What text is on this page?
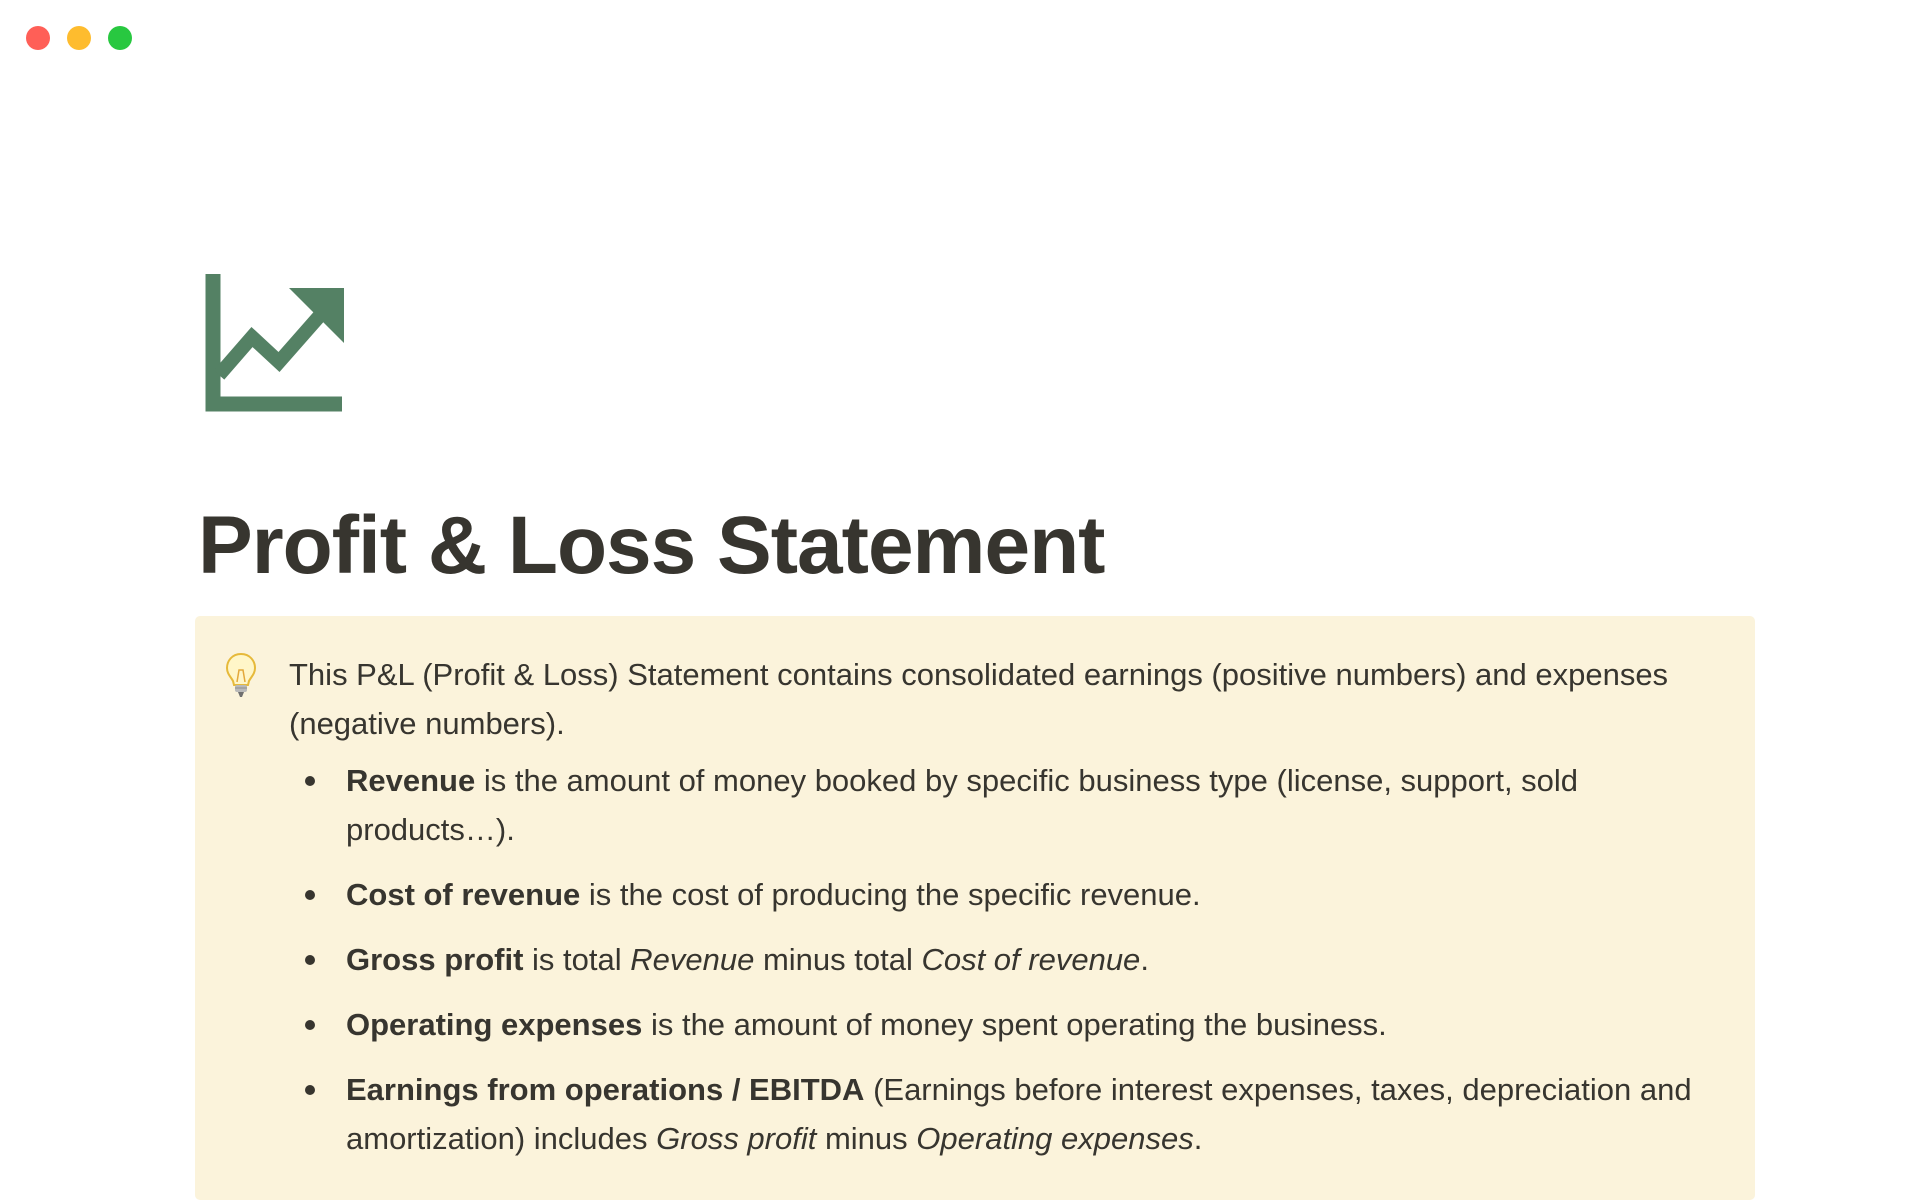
Profit & Loss Statement

This P&L (Profit & Loss) Statement contains consolidated earnings (positive numbers) and expenses (negative numbers).

Revenue is the amount of money booked by specific business type (license, support, sold products…).
Cost of revenue is the cost of producing the specific revenue.
Gross profit is total Revenue minus total Cost of revenue.
Operating expenses is the amount of money spent operating the business.
Earnings from operations / EBITDA (Earnings before interest expenses, taxes, depreciation and amortization) includes Gross profit minus Operating expenses.
